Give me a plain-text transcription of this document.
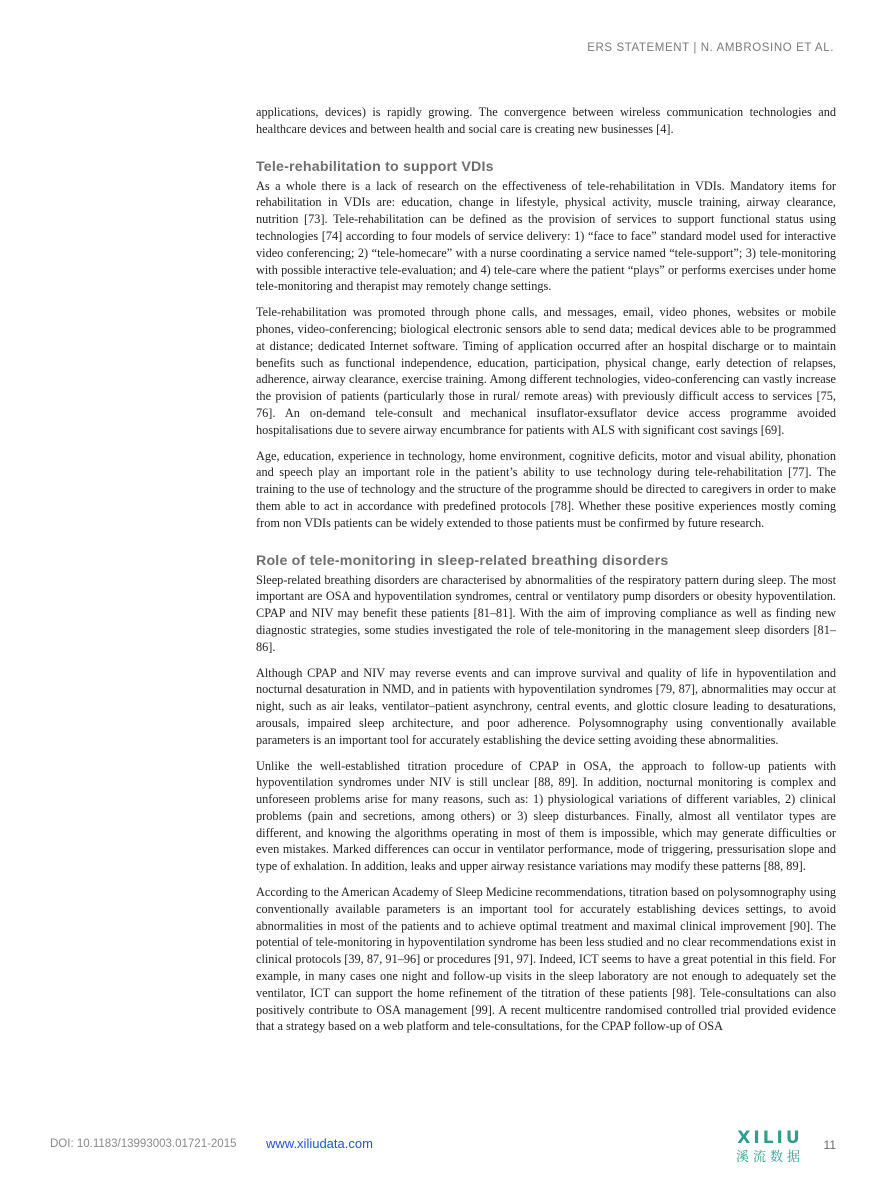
ERS STATEMENT | N. AMBROSINO ET AL.

applications, devices) is rapidly growing. The convergence between wireless communication technologies and healthcare devices and between health and social care is creating new businesses [4].

Tele-rehabilitation to support VDIs

As a whole there is a lack of research on the effectiveness of tele-rehabilitation in VDIs. Mandatory items for rehabilitation in VDIs are: education, change in lifestyle, physical activity, muscle training, airway clearance, nutrition [73]. Tele-rehabilitation can be defined as the provision of services to support functional status using technologies [74] according to four models of service delivery: 1) “face to face” standard model used for interactive video conferencing; 2) “tele-homecare” with a nurse coordinating a service named “tele-support”; 3) tele-monitoring with possible interactive tele-evaluation; and 4) tele-care where the patient “plays” or performs exercises under home tele-monitoring and therapist may remotely change settings.

Tele-rehabilitation was promoted through phone calls, and messages, email, video phones, websites or mobile phones, video-conferencing; biological electronic sensors able to send data; medical devices able to be programmed at distance; dedicated Internet software. Timing of application occurred after an hospital discharge or to maintain benefits such as functional independence, education, participation, physical change, early detection of relapses, adherence, airway clearance, exercise training. Among different technologies, video-conferencing can vastly increase the provision of patients (particularly those in rural/ remote areas) with previously difficult access to services [75, 76]. An on-demand tele-consult and mechanical insuflator-exsuflator device access programme avoided hospitalisations due to severe airway encumbrance for patients with ALS with significant cost savings [69].

Age, education, experience in technology, home environment, cognitive deficits, motor and visual ability, phonation and speech play an important role in the patient’s ability to use technology during tele-rehabilitation [77]. The training to the use of technology and the structure of the programme should be directed to caregivers in order to make them able to act in accordance with predefined protocols [78]. Whether these positive experiences mostly coming from non VDIs patients can be widely extended to those patients must be confirmed by future research.

Role of tele-monitoring in sleep-related breathing disorders

Sleep-related breathing disorders are characterised by abnormalities of the respiratory pattern during sleep. The most important are OSA and hypoventilation syndromes, central or ventilatory pump disorders or obesity hypoventilation. CPAP and NIV may benefit these patients [81–81]. With the aim of improving compliance as well as finding new diagnostic strategies, some studies investigated the role of tele-monitoring in the management sleep disorders [81–86].

Although CPAP and NIV may reverse events and can improve survival and quality of life in hypoventilation and nocturnal desaturation in NMD, and in patients with hypoventilation syndromes [79, 87], abnormalities may occur at night, such as air leaks, ventilator–patient asynchrony, central events, and glottic closure leading to desaturations, arousals, impaired sleep architecture, and poor adherence. Polysomnography using conventionally available parameters is an important tool for accurately establishing the device setting avoiding these abnormalities.

Unlike the well-established titration procedure of CPAP in OSA, the approach to follow-up patients with hypoventilation syndromes under NIV is still unclear [88, 89]. In addition, nocturnal monitoring is complex and unforeseen problems arise for many reasons, such as: 1) physiological variations of different variables, 2) clinical problems (pain and secretions, among others) or 3) sleep disturbances. Finally, almost all ventilator types are different, and knowing the algorithms operating in most of them is impossible, which may generate difficulties or even mistakes. Marked differences can occur in ventilator performance, mode of triggering, pressurisation slope and type of exhalation. In addition, leaks and upper airway resistance variations may modify these patterns [88, 89].

According to the American Academy of Sleep Medicine recommendations, titration based on polysomnography using conventionally available parameters is an important tool for accurately establishing devices settings, to avoid abnormalities in most of the patients and to achieve optimal treatment and maximal clinical improvement [90]. The potential of tele-monitoring in hypoventilation syndrome has been less studied and no clear recommendations exist in clinical protocols [39, 87, 91–96] or procedures [91, 97]. Indeed, ICT seems to have a great potential in this field. For example, in many cases one night and follow-up visits in the sleep laboratory are not enough to adequately set the ventilator, ICT can support the home refinement of the titration of these patients [98]. Tele-consultations can also positively contribute to OSA management [99]. A recent multicentre randomised controlled trial provided evidence that a strategy based on a web platform and tele-consultations, for the CPAP follow-up of OSA

DOI: 10.1183/13993003.01721-2015 www.xiliudata.com	XILIU
溪流数据
11
